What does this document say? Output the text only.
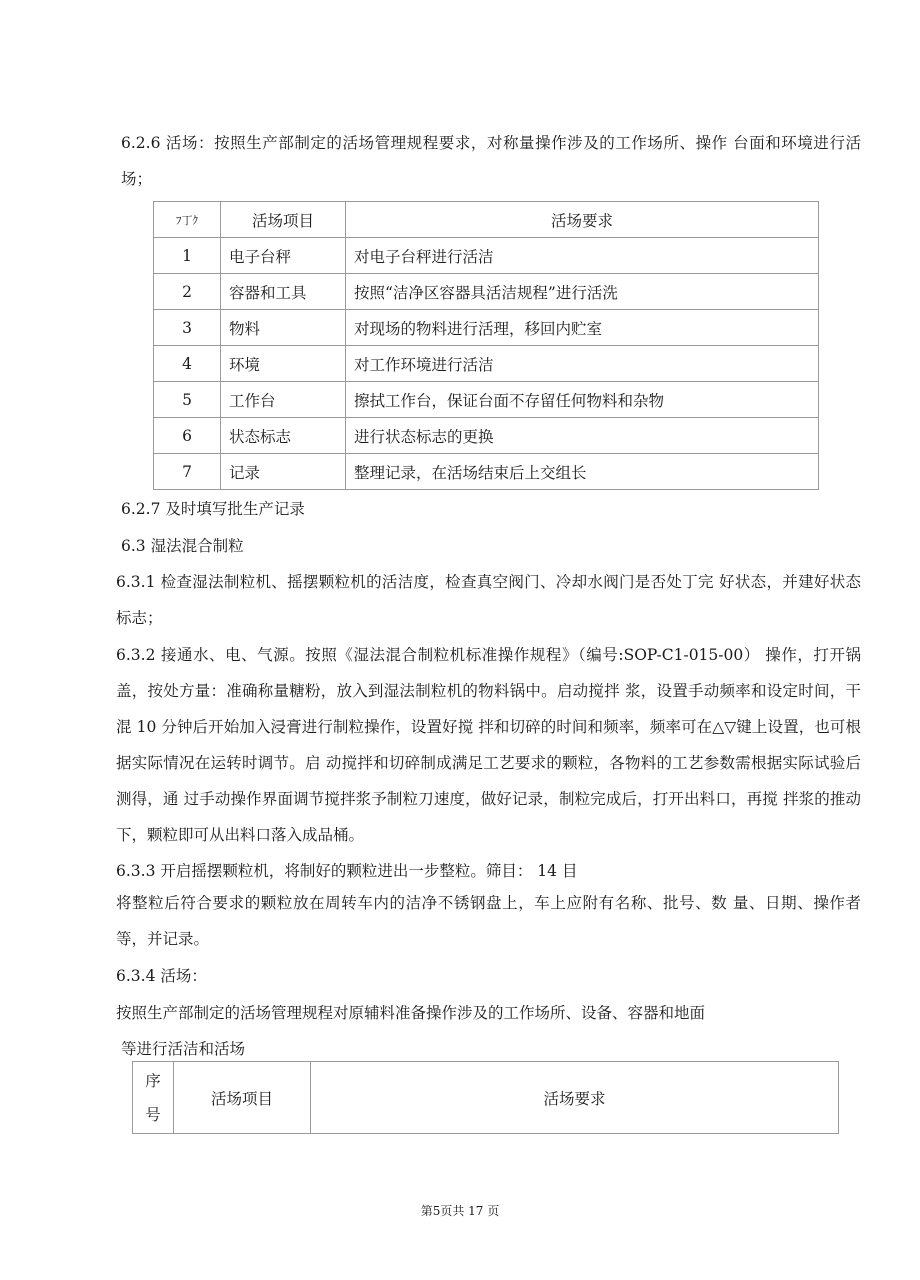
6.2.6 活场：按照生产部制定的活场管理规程要求，对称量操作涉及的工作场所、操作 台面和环境进行活场；

ﾌ丁ｸ	活场项目	活场要求
1	电子台秤	对电子台秤进行活洁
2	容器和工具	按照“洁净区容器具活洁规程”进行活洗
3	物料	对现场的物料进行活理，移回内贮室
4	环境	对工作环境进行活洁
5	工作台	擦拭工作台，保证台面不存留任何物料和杂物
6	状态标志	进行状态标志的更换
7	记录	整理记录，在活场结束后上交组长

6.2.7 及时填写批生产记录

6.3 湿法混合制粒

6.3.1 检查湿法制粒机、摇摆颗粒机的活洁度，检查真空阀门、冷却水阀门是否处丁完 好状态，并建好状态标志；

6.3.2 接通水、电、气源。按照《湿法混合制粒机标准操作规程》（编号:SOP-C1-015-00） 操作，打开锅盖，按处方量：准确称量糖粉，放入到湿法制粒机的物料锅中。启动搅拌 浆，设置手动频率和设定时间，干混 10 分钟后开始加入浸膏进行制粒操作，设置好搅 拌和切碎的时间和频率，频率可在△▽键上设置，也可根据实际情况在运转时调节。启 动搅拌和切碎制成满足工艺要求的颗粒，各物料的工艺参数需根据实际试验后测得，通 过手动操作界面调节搅拌浆予制粒刀速度，做好记录，制粒完成后，打开出料口，再搅 拌浆的推动下，颗粒即可从出料口落入成品桶。

6.3.3 开启摇摆颗粒机，将制好的颗粒进出一步整粒。筛目： 14 目

将整粒后符合要求的颗粒放在周转车内的洁净不锈钢盘上，车上应附有名称、批号、数 量、日期、操作者等，并记录。

6.3.4 活场：

按照生产部制定的活场管理规程对原辅料准备操作涉及的工作场所、设备、容器和地面

等进行活洁和活场

序
号
	活场项目	活场要求
第5页共 17 页
